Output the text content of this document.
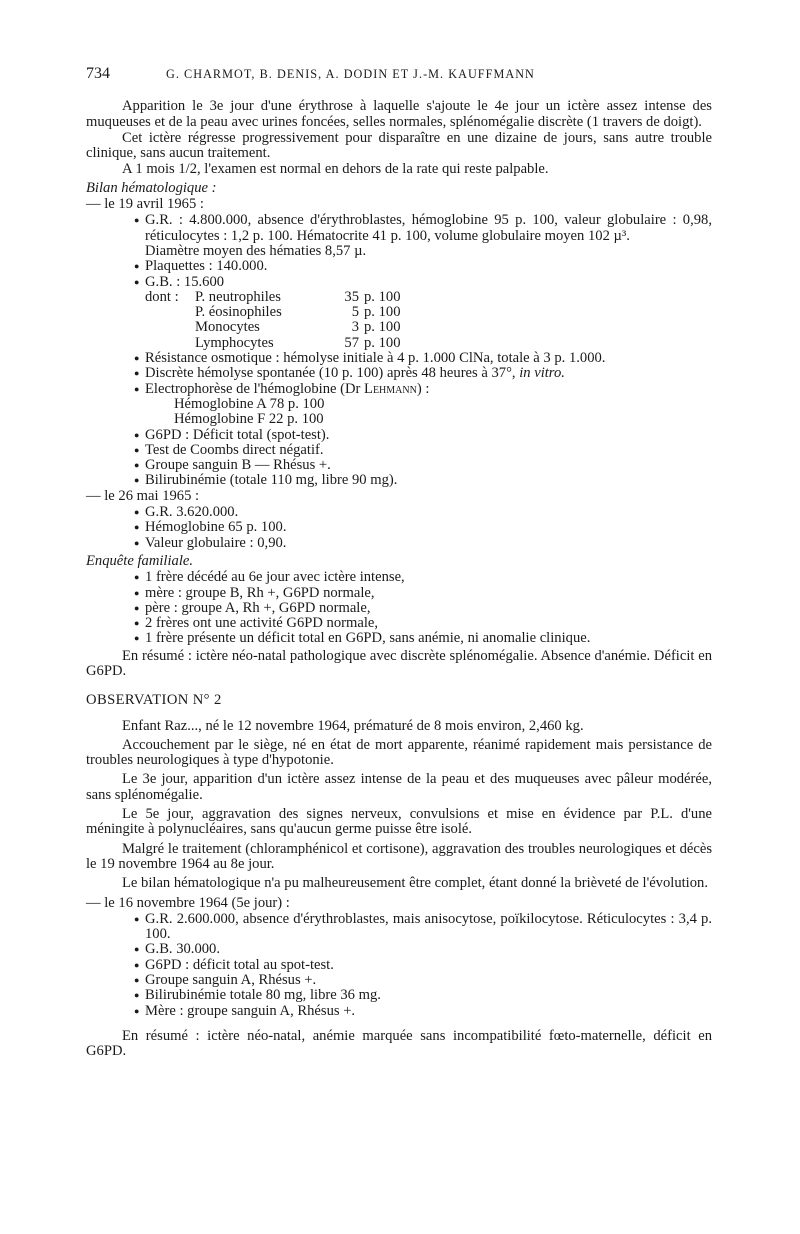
734	G. CHARMOT, B. DENIS, A. DODIN ET J.-M. KAUFFMANN

Apparition le 3e jour d'une érythrose à laquelle s'ajoute le 4e jour un ictère assez intense des muqueuses et de la peau avec urines foncées, selles normales, splénomégalie discrète (1 travers de doigt).

Cet ictère régresse progressivement pour disparaître en une dizaine de jours, sans autre trouble clinique, sans aucun traitement.

A 1 mois 1/2, l'examen est normal en dehors de la rate qui reste palpable.

Bilan hématologique :

— le 19 avril 1965 :

● G.R. : 4.800.000, absence d'érythroblastes, hémoglobine 95 p. 100, valeur globulaire : 0,98, réticulocytes : 1,2 p. 100. Hématocrite 41 p. 100, volume globulaire moyen 102 µ³.
Diamètre moyen des hématies 8,57 µ.
● Plaquettes : 140.000.
● G.B. : 15.600
dont :	P. neutrophiles	35	p. 100
	P. éosinophiles	5	p. 100
	Monocytes	3	p. 100
	Lymphocytes	57	p. 100
● Résistance osmotique : hémolyse initiale à 4 p. 1.000 ClNa, totale à 3 p. 1.000.
● Discrète hémolyse spontanée (10 p. 100) après 48 heures à 37°, in vitro.
● Electrophorèse de l'hémoglobine (Dr Lehmann) :
Hémoglobine A 78 p. 100
Hémoglobine F 22 p. 100
● G6PD : Déficit total (spot-test).
● Test de Coombs direct négatif.
● Groupe sanguin B — Rhésus +.
● Bilirubinémie (totale 110 mg, libre 90 mg).

— le 26 mai 1965 :

● G.R. 3.620.000.
● Hémoglobine 65 p. 100.
● Valeur globulaire : 0,90.

Enquête familiale.

● 1 frère décédé au 6e jour avec ictère intense,
● mère : groupe B, Rh +, G6PD normale,
● père : groupe A, Rh +, G6PD normale,
● 2 frères ont une activité G6PD normale,
● 1 frère présente un déficit total en G6PD, sans anémie, ni anomalie clinique.

En résumé : ictère néo-natal pathologique avec discrète splénomégalie. Absence d'anémie. Déficit en G6PD.

OBSERVATION N° 2

Enfant Raz..., né le 12 novembre 1964, prématuré de 8 mois environ, 2,460 kg.

Accouchement par le siège, né en état de mort apparente, réanimé rapidement mais persistance de troubles neurologiques à type d'hypotonie.

Le 3e jour, apparition d'un ictère assez intense de la peau et des muqueuses avec pâleur modérée, sans splénomégalie.

Le 5e jour, aggravation des signes nerveux, convulsions et mise en évidence par P.L. d'une méningite à polynucléaires, sans qu'aucun germe puisse être isolé.

Malgré le traitement (chloramphénicol et cortisone), aggravation des troubles neurologiques et décès le 19 novembre 1964 au 8e jour.

Le bilan hématologique n'a pu malheureusement être complet, étant donné la brièveté de l'évolution.

— le 16 novembre 1964 (5e jour) :

● G.R. 2.600.000, absence d'érythroblastes, mais anisocytose, poïkilocytose. Réticulocytes : 3,4 p. 100.
● G.B. 30.000.
● G6PD : déficit total au spot-test.
● Groupe sanguin A, Rhésus +.
● Bilirubinémie totale 80 mg, libre 36 mg.
● Mère : groupe sanguin A, Rhésus +.

En résumé : ictère néo-natal, anémie marquée sans incompatibilité fœto-maternelle, déficit en G6PD.
